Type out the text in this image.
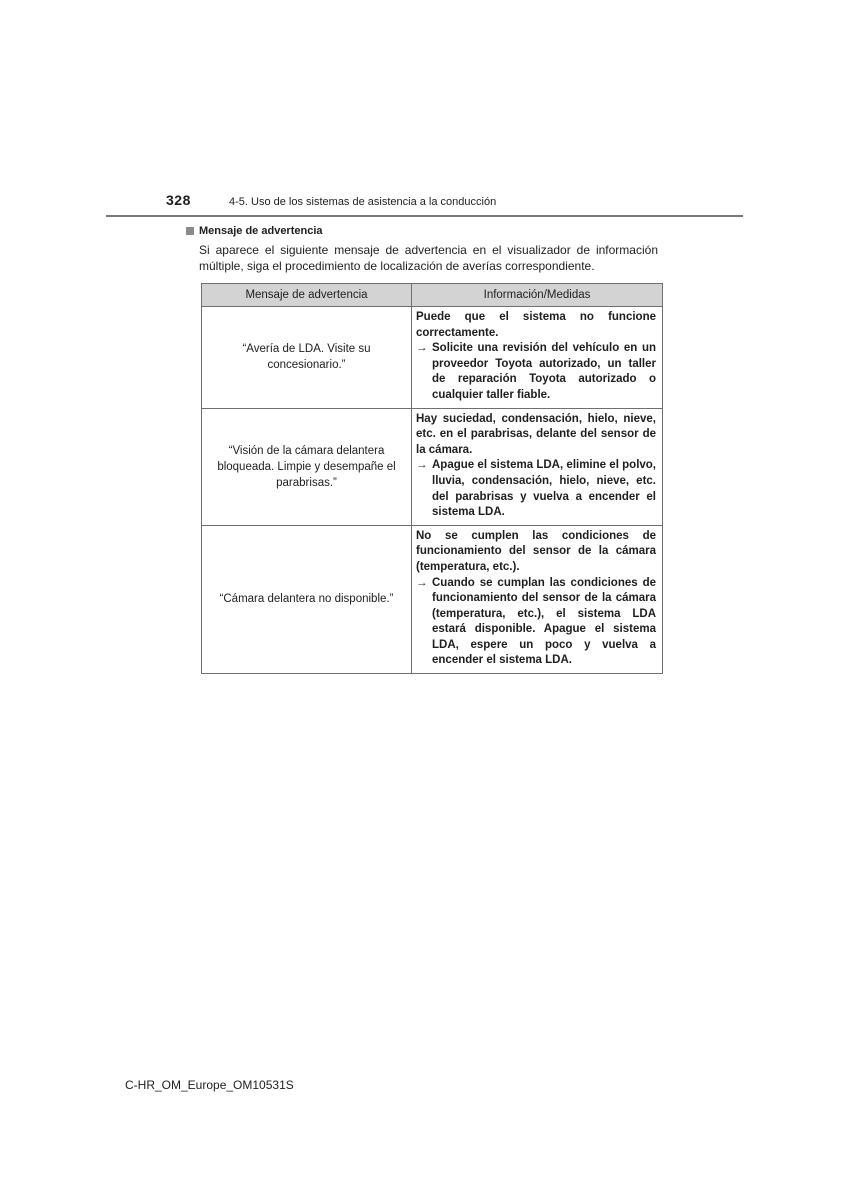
328	4-5. Uso de los sistemas de asistencia a la conducción
Mensaje de advertencia
Si aparece el siguiente mensaje de advertencia en el visualizador de información múltiple, siga el procedimiento de localización de averías correspondiente.
Mensaje de advertencia	Información/Medidas
“Avería de LDA. Visite su concesionario.”	Puede que el sistema no funcione correctamente.
→ Solicite una revisión del vehículo en un proveedor Toyota autorizado, un taller de reparación Toyota autorizado o cualquier taller fiable.

“Visión de la cámara delantera bloqueada. Limpie y desempañe el parabrisas.”	Hay suciedad, condensación, hielo, nieve, etc. en el parabrisas, delante del sensor de la cámara.
→ Apague el sistema LDA, elimine el polvo, lluvia, condensación, hielo, nieve, etc. del parabrisas y vuelva a encender el sistema LDA.

“Cámara delantera no disponible.”	No se cumplen las condiciones de funcionamiento del sensor de la cámara (temperatura, etc.).
→ Cuando se cumplan las condiciones de funcionamiento del sensor de la cámara (temperatura, etc.), el sistema LDA estará disponible. Apague el sistema LDA, espere un poco y vuelva a encender el sistema LDA.
C-HR_OM_Europe_OM10531S
